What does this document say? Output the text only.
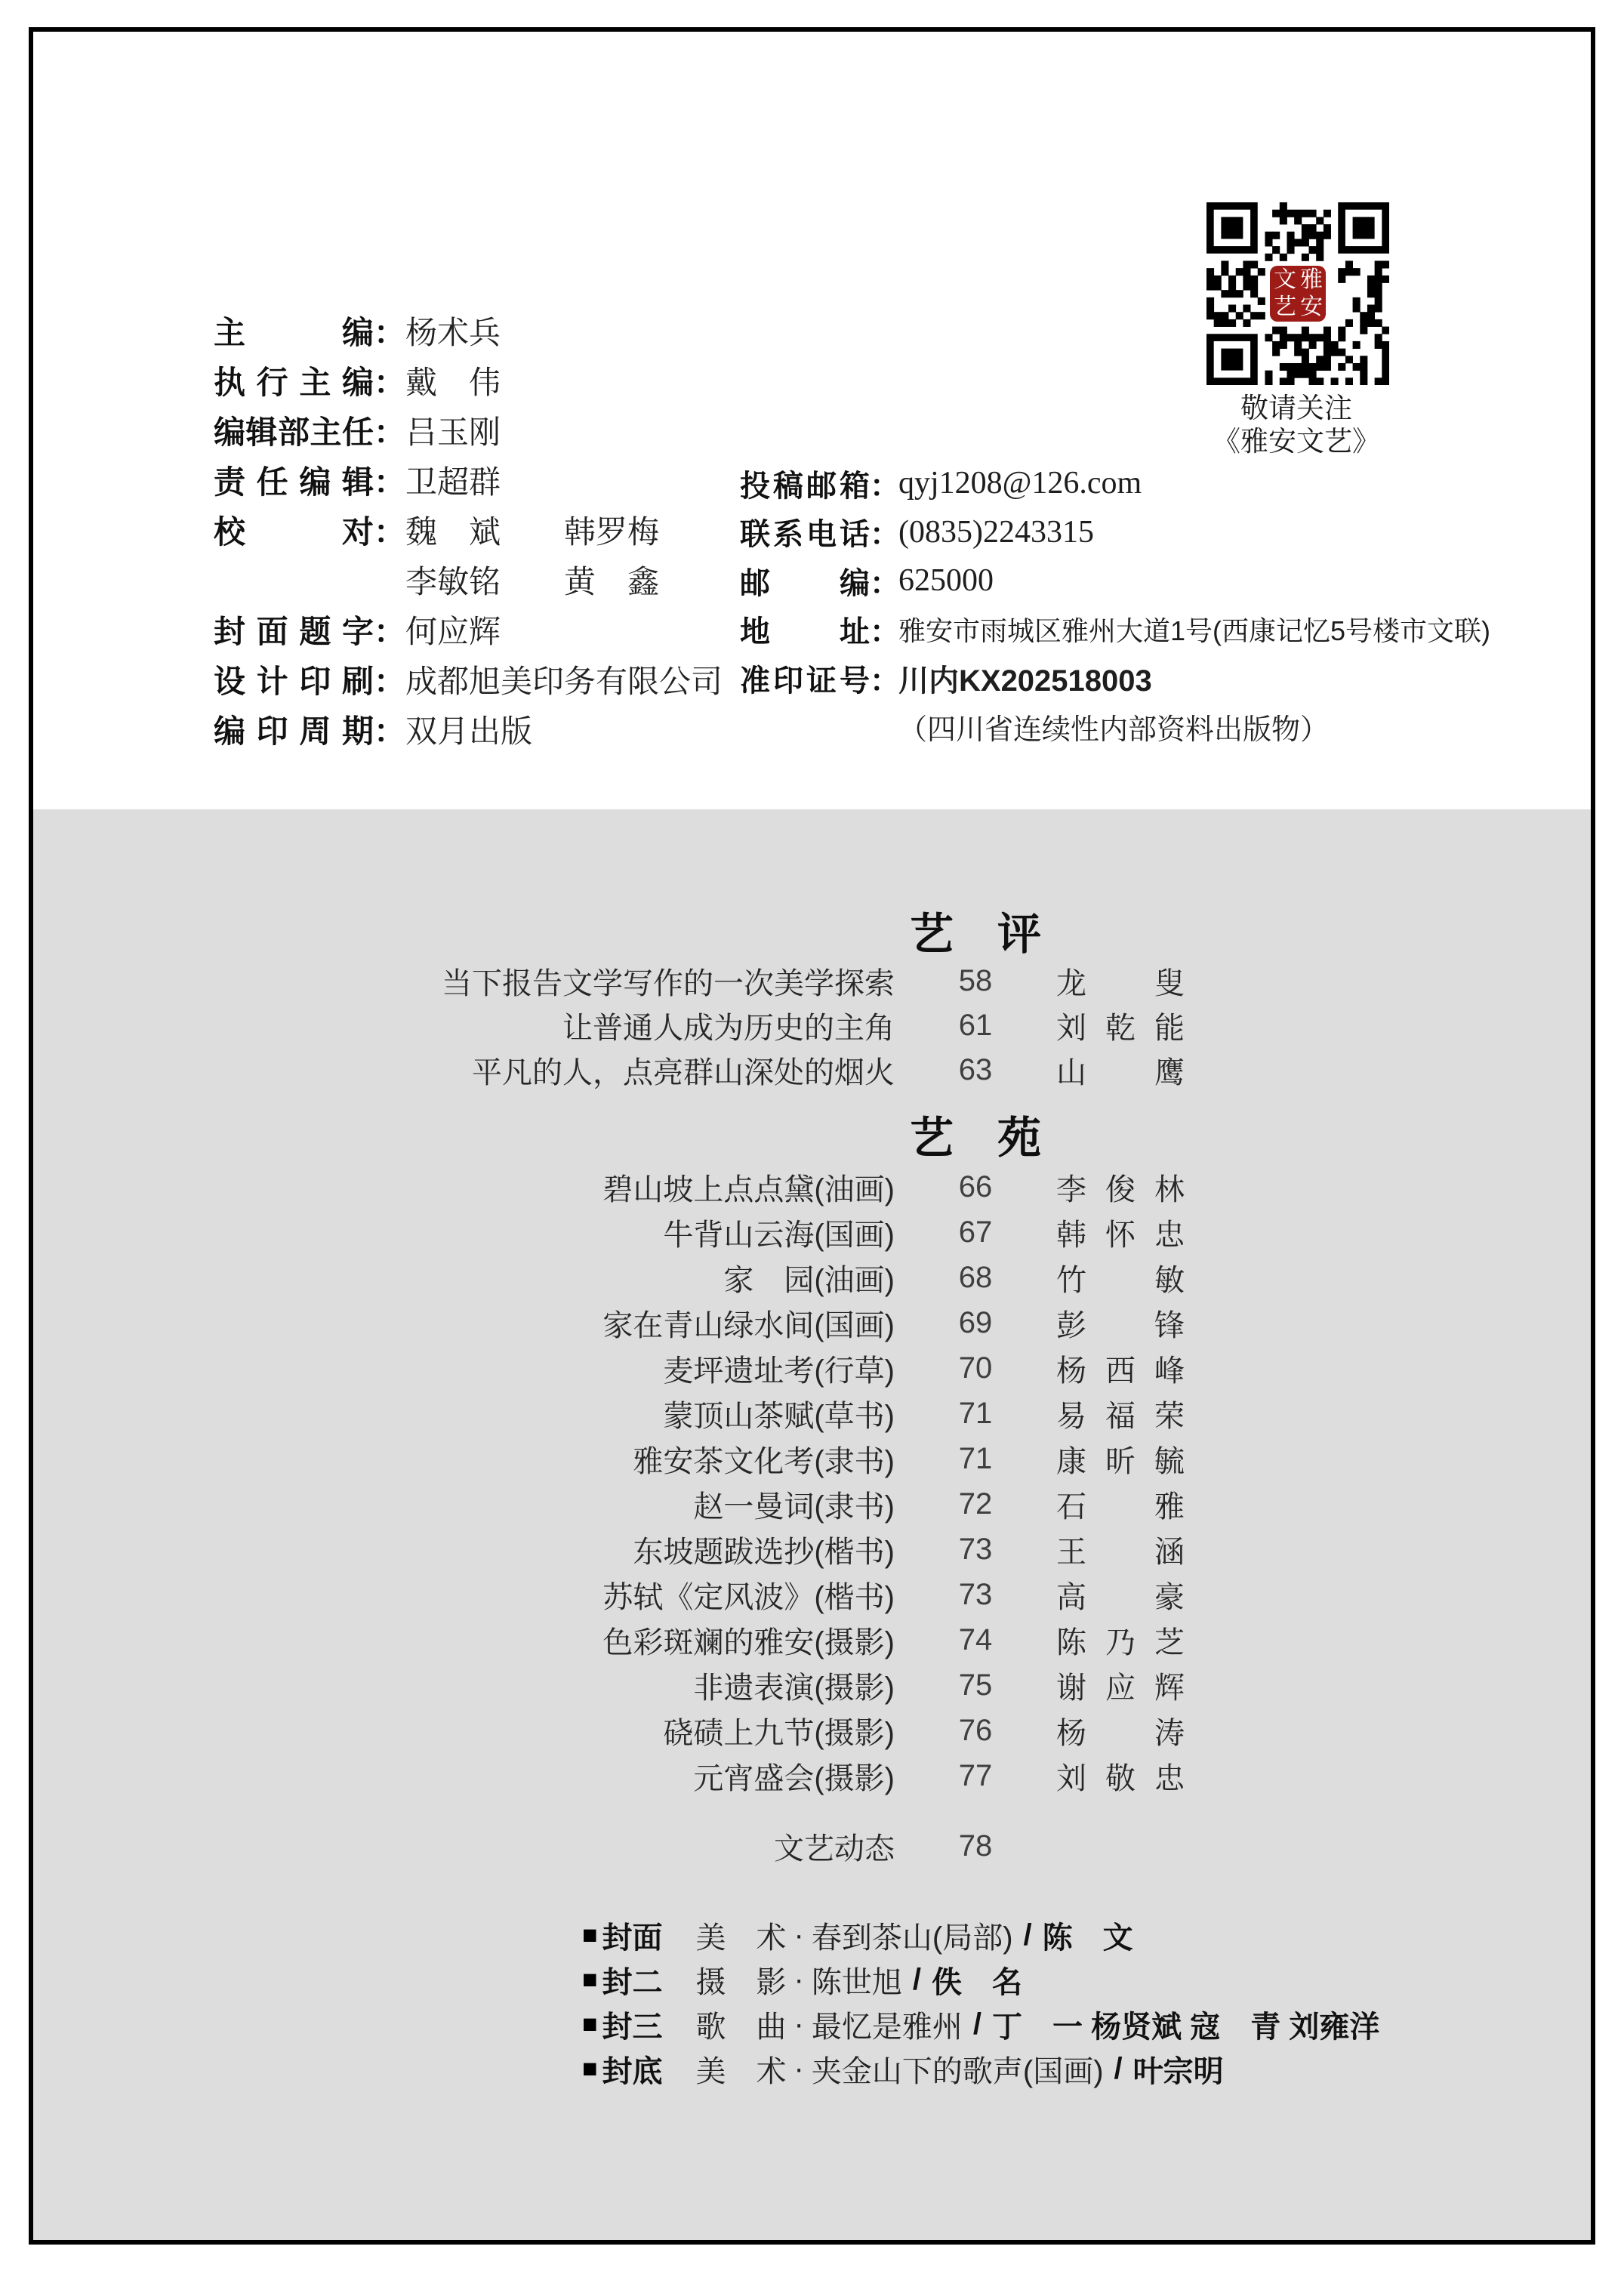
主编 ： 杨术兵
执行主编 ： 戴　伟
编辑部主任 ： 吕玉刚
责任编辑 ： 卫超群
校对 ： 魏　斌　　韩罗梅
李敏铭　　黄　鑫
封面题字 ： 何应辉
设计印刷 ： 成都旭美印务有限公司
编印周期 ： 双月出版
投稿邮箱 ：
qyj1208@126.com
联系电话 ：
(0835)2243315
邮编 ：
625000
地址 ：
雅安市雨城区雅州大道1号(西康记忆5号楼市文联)
准印证号 ：
川内KX202518003
（四川省连续性内部资料出版物）
文 雅
艺 安
敬请关注
《雅安文艺》
艺　评
当下报告文学写作的一次美学探索	58	龙　叟
让普通人成为历史的主角	61	刘乾能
平凡的人，点亮群山深处的烟火	63	山　鹰
艺　苑
碧山坡上点点黛(油画)	66	李俊林
牛背山云海(国画)	67	韩怀忠
家　园(油画)	68	竹　敏
家在青山绿水间(国画)	69	彭　锋
麦坪遗址考(行草)	70	杨西峰
蒙顶山茶赋(草书)	71	易福荣
雅安茶文化考(隶书)	71	康昕毓
赵一曼词(隶书)	72	石　雅
东坡题跋选抄(楷书)	73	王　涵
苏轼《定风波》(楷书)	73	高　豪
色彩斑斓的雅安(摄影)	74	陈乃芝
非遗表演(摄影)	75	谢应辉
硗碛上九节(摄影)	76	杨　涛
元宵盛会(摄影)	77	刘敬忠
文艺动态	78
■ 封面 美　术 · 春到茶山(局部) / 陈　文
■ 封二 摄　影 · 陈世旭 / 佚　名
■ 封三 歌　曲 · 最忆是雅州 / 丁　一 杨贤斌 寇　青 刘雍洋
■ 封底 美　术 · 夹金山下的歌声(国画) / 叶宗明
